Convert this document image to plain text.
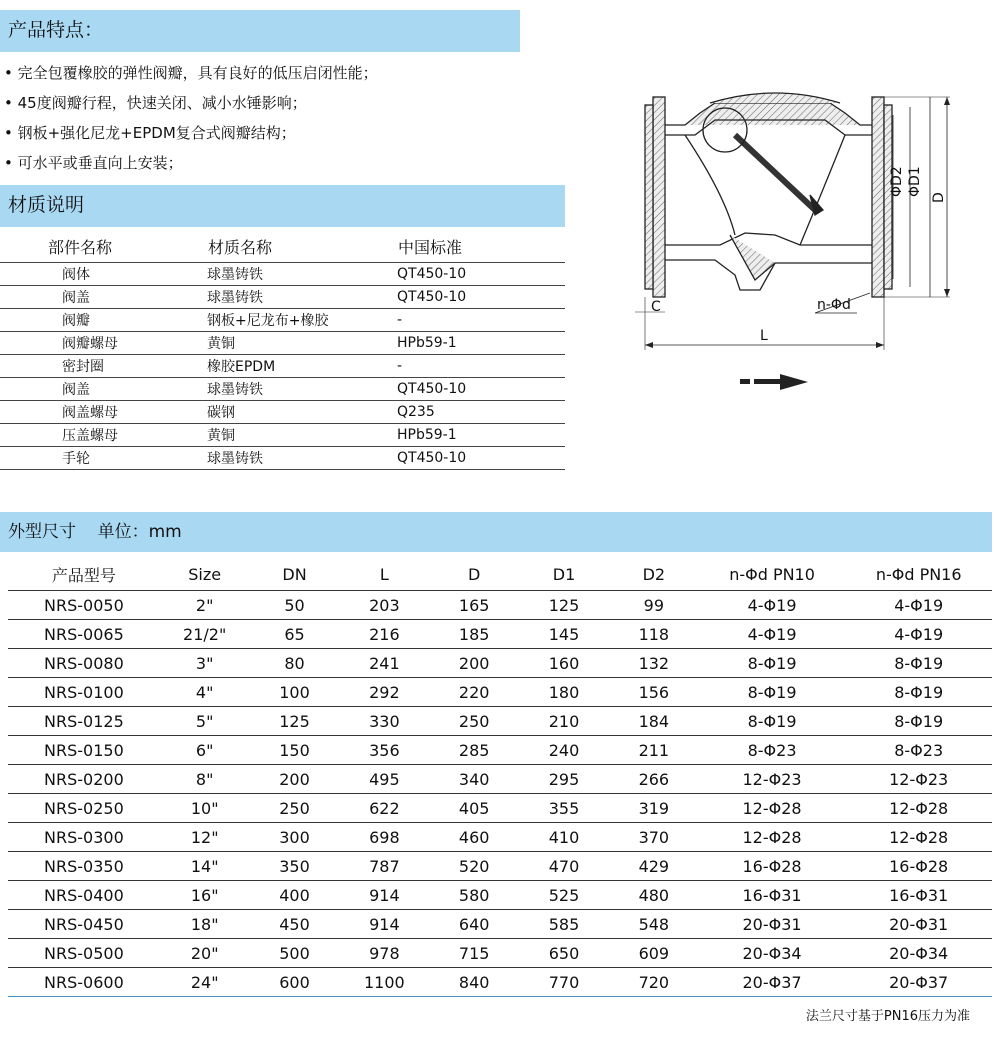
产品特点：
• 完全包覆橡胶的弹性阀瓣，具有良好的低压启闭性能；
• 45度阀瓣行程，快速关闭、减小水锤影响；
• 钢板+强化尼龙+EPDM复合式阀瓣结构；
• 可水平或垂直向上安装；
材质说明
部件名称	材质名称	中国标准
阀体	球墨铸铁	QT450-10
阀盖	球墨铸铁	QT450-10
阀瓣	钢板+尼龙布+橡胶	-
阀瓣螺母	黄铜	HPb59-1
密封圈	橡胶EPDM	-
阀盖	球墨铸铁	QT450-10
阀盖螺母	碳钢	Q235
压盖螺母	黄铜	HPb59-1
手轮	球墨铸铁	QT450-10
ΦD2 ΦD1
D
L
C	n-Φd
外型尺寸    单位：mm
产品型号	Size	DN	L	D	D1	D2	n-Φd PN10	n-Φd PN16
NRS-0050	2"	50	203	165	125	99	4-Φ19	4-Φ19
NRS-0065	21/2"	65	216	185	145	118	4-Φ19	4-Φ19
NRS-0080	3"	80	241	200	160	132	8-Φ19	8-Φ19
NRS-0100	4"	100	292	220	180	156	8-Φ19	8-Φ19
NRS-0125	5"	125	330	250	210	184	8-Φ19	8-Φ19
NRS-0150	6"	150	356	285	240	211	8-Φ23	8-Φ23
NRS-0200	8"	200	495	340	295	266	12-Φ23	12-Φ23
NRS-0250	10"	250	622	405	355	319	12-Φ28	12-Φ28
NRS-0300	12"	300	698	460	410	370	12-Φ28	12-Φ28
NRS-0350	14"	350	787	520	470	429	16-Φ28	16-Φ28
NRS-0400	16"	400	914	580	525	480	16-Φ31	16-Φ31
NRS-0450	18"	450	914	640	585	548	20-Φ31	20-Φ31
NRS-0500	20"	500	978	715	650	609	20-Φ34	20-Φ34
NRS-0600	24"	600	1100	840	770	720	20-Φ37	20-Φ37
法兰尺寸基于PN16压力为准
